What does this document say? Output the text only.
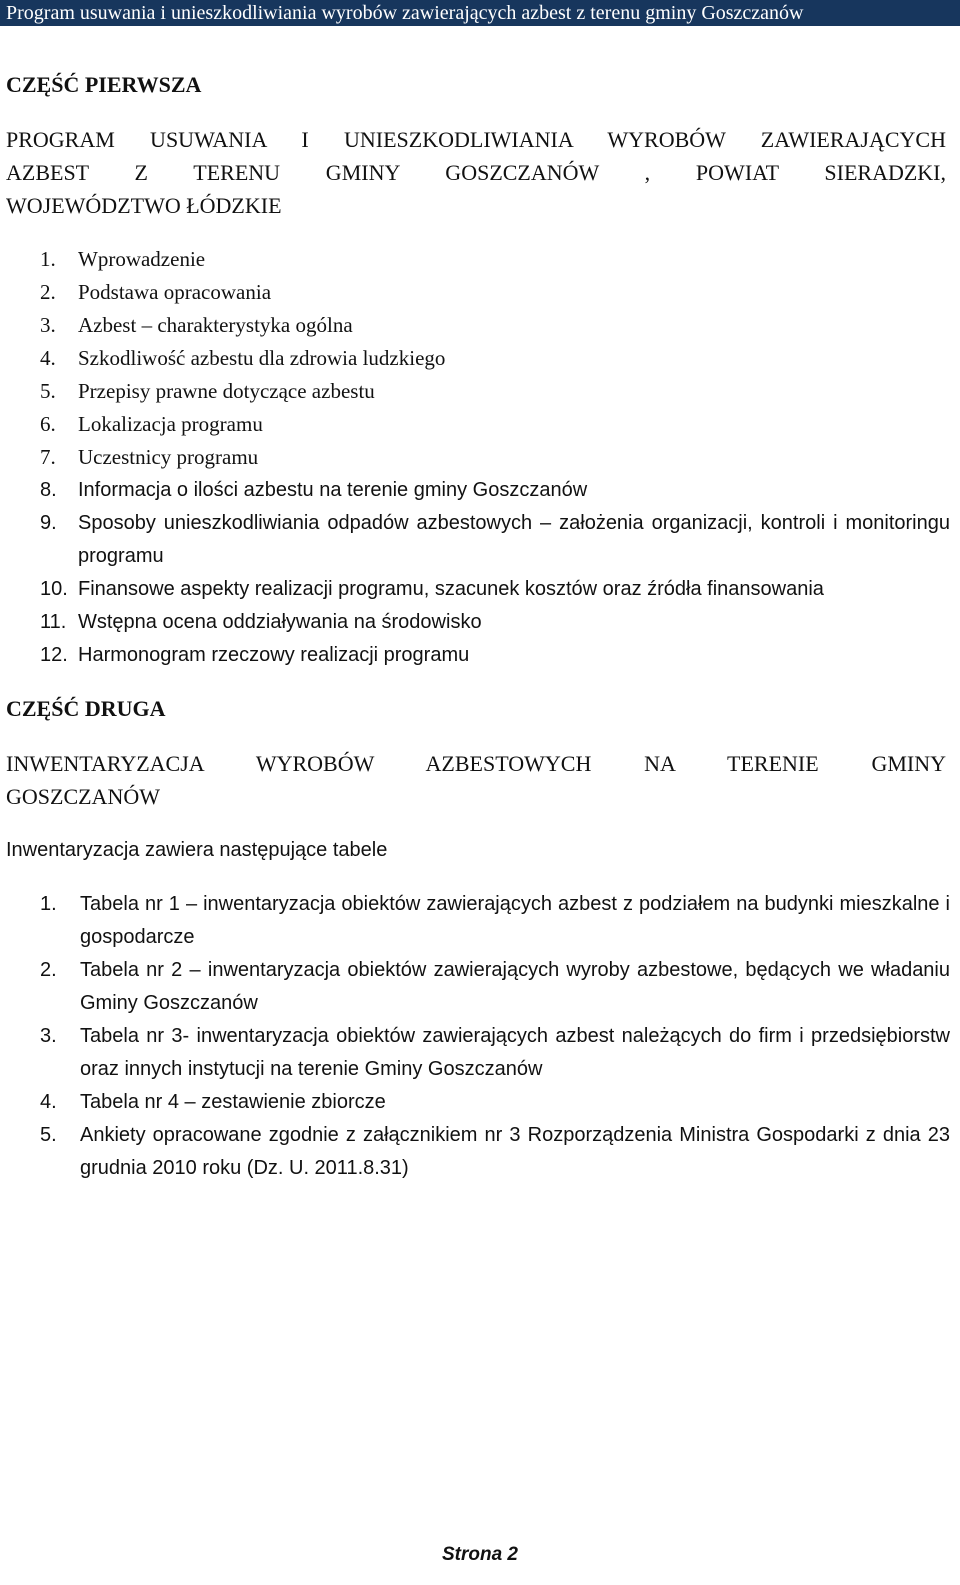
Program usuwania i unieszkodliwiania wyrobów zawierających azbest z terenu gminy Goszczanów
CZĘŚĆ PIERWSZA
PROGRAM USUWANIA I UNIESZKODLIWIANIA WYROBÓW ZAWIERAJĄCYCH
AZBEST Z TERENU GMINY GOSZCZANÓW , POWIAT SIERADZKI,
WOJEWÓDZTWO ŁÓDZKIE
1. Wprowadzenie
2. Podstawa opracowania
3. Azbest – charakterystyka ogólna
4. Szkodliwość azbestu dla zdrowia ludzkiego
5. Przepisy prawne dotyczące azbestu
6. Lokalizacja programu
7. Uczestnicy programu
8. Informacja o ilości azbestu na terenie gminy Goszczanów
9. Sposoby unieszkodliwiania odpadów azbestowych – założenia organizacji, kontroli i monitoringu programu
10. Finansowe aspekty realizacji programu, szacunek kosztów oraz źródła finansowania
11. Wstępna ocena oddziaływania na środowisko
12. Harmonogram rzeczowy realizacji programu
CZĘŚĆ DRUGA
INWENTARYZACJA WYROBÓW AZBESTOWYCH NA TERENIE GMINY
GOSZCZANÓW
Inwentaryzacja zawiera następujące tabele
1. Tabela nr 1 – inwentaryzacja obiektów zawierających azbest z podziałem na budynki mieszkalne i gospodarcze
2. Tabela nr 2 – inwentaryzacja obiektów zawierających wyroby azbestowe, będących we władaniu Gminy Goszczanów
3. Tabela nr 3- inwentaryzacja obiektów zawierających azbest należących do firm i przedsiębiorstw oraz innych instytucji na terenie Gminy Goszczanów
4. Tabela nr 4 – zestawienie zbiorcze
5. Ankiety opracowane zgodnie z załącznikiem nr 3 Rozporządzenia Ministra Gospodarki z dnia 23 grudnia 2010 roku (Dz. U. 2011.8.31)
Strona 2
